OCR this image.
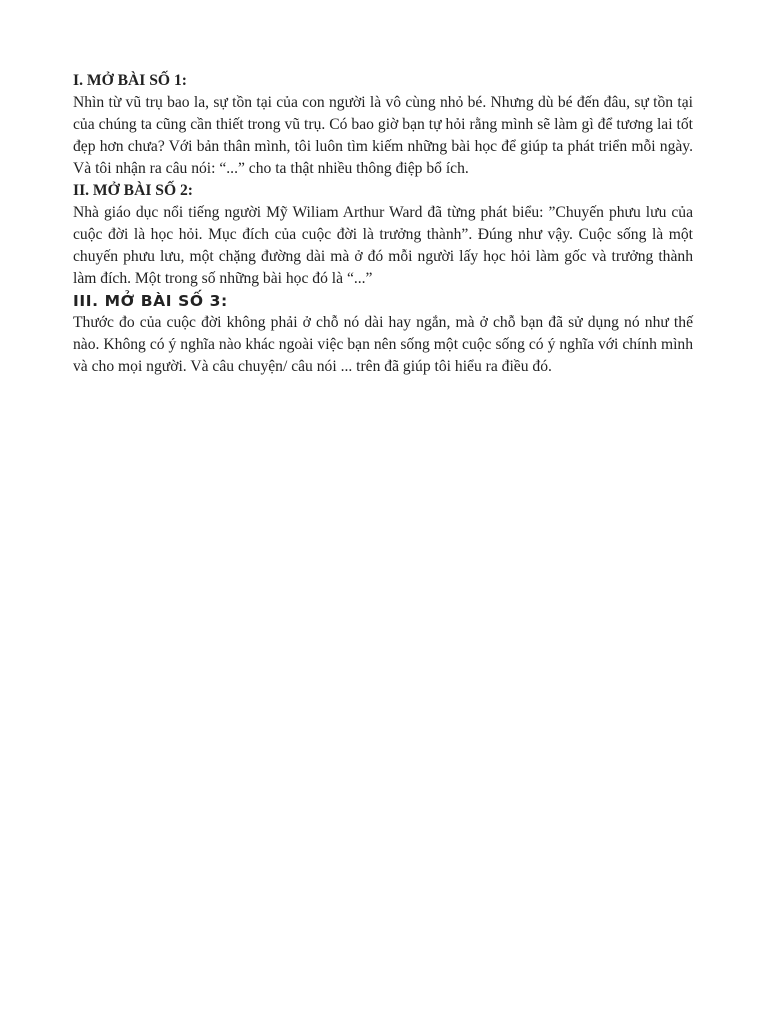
I. MỞ BÀI SỐ 1:

Nhìn từ vũ trụ bao la, sự tồn tại của con người là vô cùng nhỏ bé. Nhưng dù bé đến đâu, sự tồn tại của chúng ta cũng cần thiết trong vũ trụ. Có bao giờ bạn tự hỏi rằng mình sẽ làm gì để tương lai tốt đẹp hơn chưa? Với bản thân mình, tôi luôn tìm kiếm những bài học để giúp ta phát triển mỗi ngày. Và tôi nhận ra câu nói: “...” cho ta thật nhiều thông điệp bổ ích.

II. MỞ BÀI SỐ 2:

Nhà giáo dục nổi tiếng người Mỹ Wiliam Arthur Ward đã từng phát biểu: ”Chuyến phưu lưu của cuộc đời là học hỏi. Mục đích của cuộc đời là trưởng thành”. Đúng như vậy. Cuộc sống là một chuyến phưu lưu, một chặng đường dài mà ở đó mỗi người lấy học hỏi làm gốc và trưởng thành làm đích. Một trong số những bài học đó là “...”

III. MỞ BÀI SỐ 3:

Thước đo của cuộc đời không phải ở chỗ nó dài hay ngắn, mà ở chỗ bạn đã sử dụng nó như thế nào. Không có ý nghĩa nào khác ngoài việc bạn nên sống một cuộc sống có ý nghĩa với chính mình và cho mọi người. Và câu chuyện/ câu nói ... trên đã giúp tôi hiểu ra điều đó.
